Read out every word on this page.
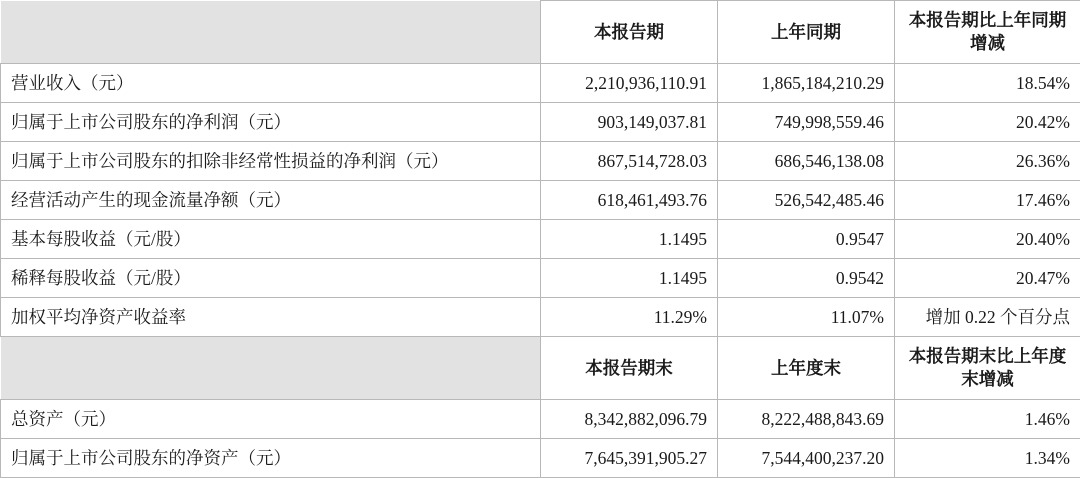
	本报告期	上年同期	本报告期比上年同期增减
营业收入（元）	2,210,936,110.91	1,865,184,210.29	18.54%
归属于上市公司股东的净利润（元）	903,149,037.81	749,998,559.46	20.42%
归属于上市公司股东的扣除非经常性损益的净利润（元）	867,514,728.03	686,546,138.08	26.36%
经营活动产生的现金流量净额（元）	618,461,493.76	526,542,485.46	17.46%
基本每股收益（元/股）	1.1495	0.9547	20.40%
稀释每股收益（元/股）	1.1495	0.9542	20.47%
加权平均净资产收益率	11.29%	11.07%	增加 0.22 个百分点
	本报告期末	上年度末	本报告期末比上年度末增减
总资产（元）	8,342,882,096.79	8,222,488,843.69	1.46%
归属于上市公司股东的净资产（元）	7,645,391,905.27	7,544,400,237.20	1.34%
